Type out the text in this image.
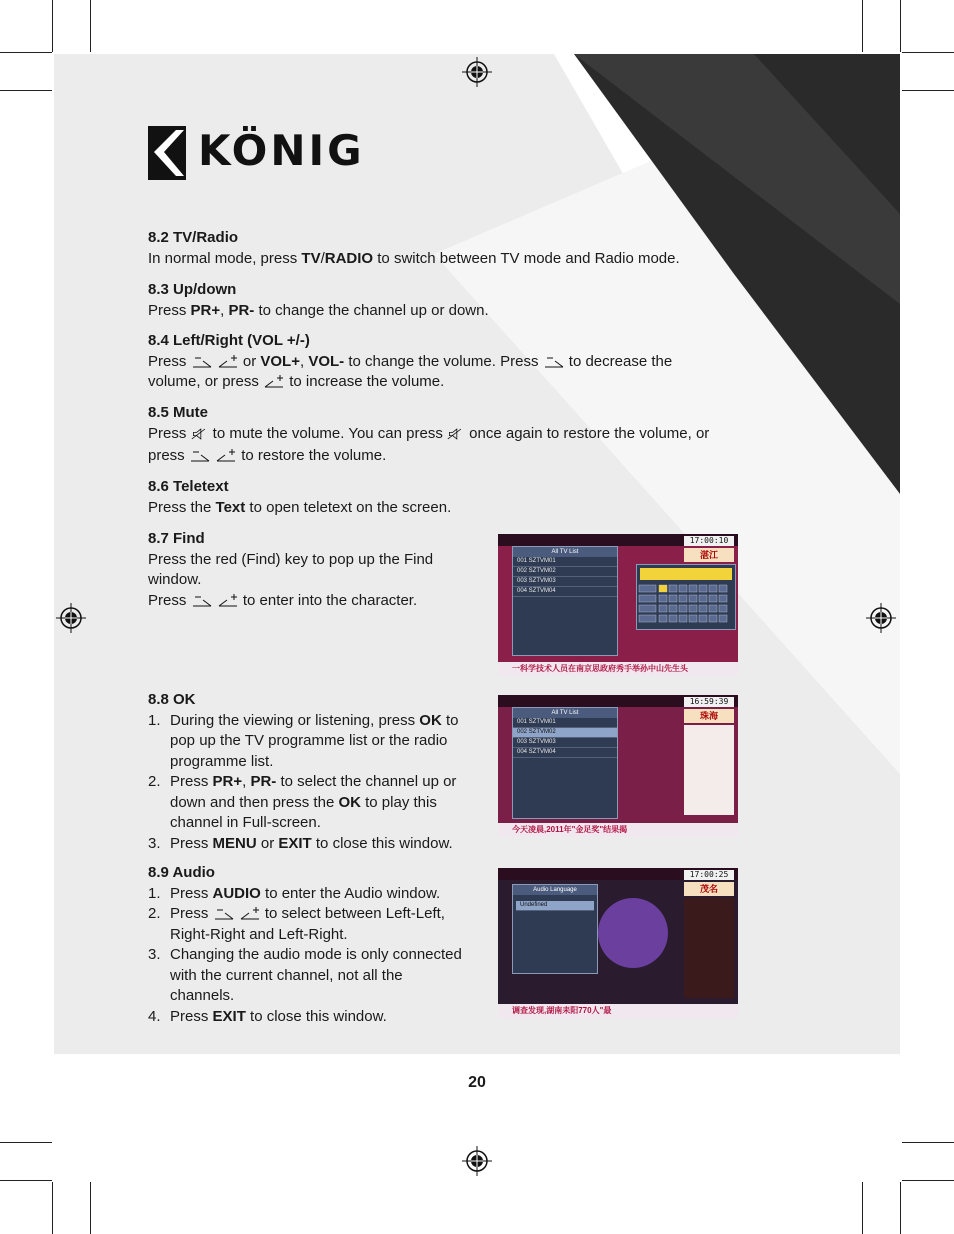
KÖNIG	ENGLISH
8.2 TV/Radio
In normal mode, press TV/RADIO to switch between TV mode and Radio mode.
8.3 Up/down
Press PR+, PR- to change the channel up or down.
8.4 Left/Right (VOL +/-)
Press	or VOL+, VOL- to change the volume. Press  to decrease the
volume, or press  to increase the volume.
8.5 Mute
Press  to mute the volume. You can press  once again to restore the volume, or
press	to restore the volume.
8.6 Teletext
Press the Text to open teletext on the screen.
8.7 Find
Press the red (Find) key to pop up the Find
window.
Press	to enter into the character.
8.8 OK
1. During the viewing or listening, press OK to
pop up the TV programme list or the radio
programme list.
2. Press PR+, PR- to select the channel up or
down and then press the OK to play this
channel in Full-screen.
3. Press MENU or EXIT to close this window.
8.9 Audio
1. Press AUDIO to enter the Audio window.
2. Press	to select between Left-Left,
Right-Right and Left-Right.
3. Changing the audio mode is only connected
with the current channel, not all the
channels.
4. Press EXIT to close this window.
All TV List
001 SZTVM01
002 SZTVM02
003 SZTVM03
004 SZTVM04
17:00:10
湛江
一科学技术人员在南京思政府秀手举孙中山先生头
All TV List
001 SZTVM01
002 SZTVM02
003 SZTVM03
004 SZTVM04
16:59:39
珠海
今天凌晨,2011年"金足奖"结果揭
Audio Language
Undefined
17:00:25
茂名
调查发现,湖南耒阳770人"最
20
